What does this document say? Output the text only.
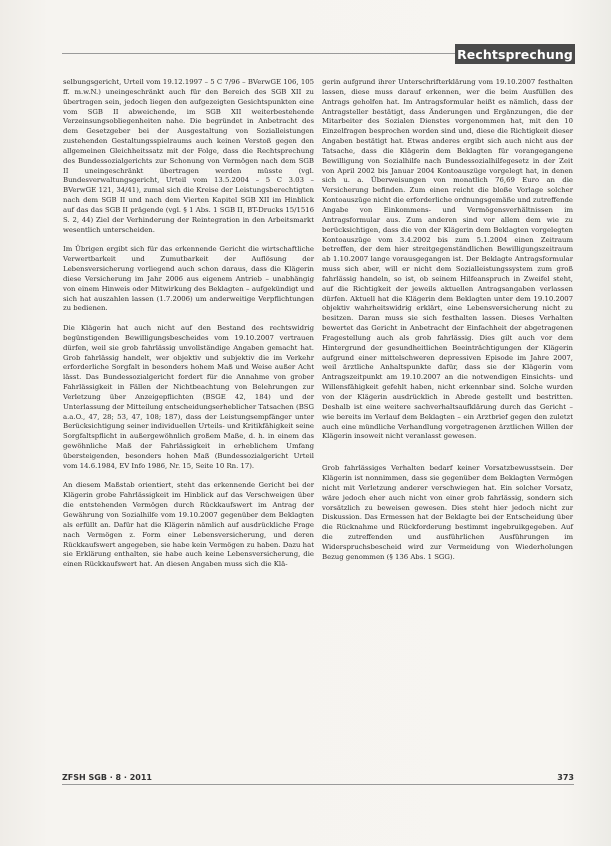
Rechtsprechung

selbungsgericht, Urteil vom 19.12.1997 – 5 C 7/96 – BVerwGE 106, 105 ff. m.w.N.) uneingeschränkt auch für den Bereich des SGB XII zu übertragen sein, jedoch liegen den aufgezeigten Gesichtspunkten eine vom SGB II abweichende, im SGB XII weiterbestehende Verzeinsungsobliegenheiten nahe. Die begründet in Anbetracht des dem Gesetzgeber bei der Ausgestaltung von Sozialleistungen zustehenden Gestaltungsspielraums auch keinen Verstoß gegen den allgemeinen Gleichheitssatz mit der Folge, dass die Rechtsprechung des Bundessozialgerichts zur Schonung von Vermögen nach dem SGB II uneingeschränkt übertragen werden müsste (vgl. Bundesverwaltungsgericht, Urteil vom 13.5.2004 – 5 C 3.03 – BVerwGE 121, 34/41), zumal sich die Kreise der Leistungsberechtigten nach dem SGB II und nach dem Vierten Kapitel SGB XII im Hinblick auf das das SGB II prägende (vgl. § 1 Abs. 1 SGB II, BT-Drucks 15/1516 S. 2, 44) Ziel der Verhinderung der Reintegration in den Arbeitsmarkt wesentlich unterscheiden.

Im Übrigen ergibt sich für das erkennende Gericht die wirtschaftliche Verwertbarkeit und Zumutbarkeit der Auflösung der Lebensversicherung vorliegend auch schon daraus, dass die Klägerin diese Versicherung im Jahr 2006 aus eigenem Antrieb – unabhängig von einem Hinweis oder Mitwirkung des Beklagten – aufgekündigt und sich hat auszahlen lassen (1.7.2006) um anderweitige Verpflichtungen zu bedienen.

Die Klägerin hat auch nicht auf den Bestand des rechtswidrig begünstigenden Bewilligungsbescheides vom 19.10.2007 vertrauen dürfen, weil sie grob fahrlässig unvollständige Angaben gemacht hat. Grob fahrlässig handelt, wer objektiv und subjektiv die im Verkehr erforderliche Sorgfalt in besonders hohem Maß und Weise außer Acht lässt. Das Bundessozialgericht fordert für die Annahme von grober Fahrlässigkeit in Fällen der Nichtbeachtung von Belehrungen zur Verletzung über Anzeigepflichten (BSGE 42, 184) und der Unterlassung der Mitteilung entscheidungserheblicher Tatsachen (BSG a.a.O., 47, 28; 53, 47, 108; 187), dass der Leistungsempfänger unter Berücksichtigung seiner individuellen Urteils- und Kritikfähigkeit seine Sorgfaltspflicht in außergewöhnlich großem Maße, d. h. in einem das gewöhnliche Maß der Fahrlässigkeit in erheblichem Umfang übersteigenden, besonders hohen Maß (Bundessozialgericht Urteil vom 14.6.1984, EV Info 1986, Nr. 15, Seite 10 Rn. 17).

An diesem Maßstab orientiert, steht das erkennende Gericht bei der Klägerin grobe Fahrlässigkeit im Hinblick auf das Verschweigen über die entstehenden Vermögen durch Rückkaufswert im Antrag der Gewährung von Sozialhilfe vom 19.10.2007 gegenüber dem Beklagten als erfüllt an. Dafür hat die Klägerin nämlich auf ausdrückliche Frage nach Vermögen z. Form einer Lebensversicherung, und deren Rückkaufswert angegeben, sie habe kein Vermögen zu haben. Dazu hat sie Erklärung enthalten, sie habe auch keine Lebensversicherung, die einen Rückkaufswert hat. An diesen Angaben muss sich die Klä-

gerin aufgrund ihrer Unterschrifterklärung vom 19.10.2007 festhalten lassen, diese muss darauf erkennen, wer die beim Ausfüllen des Antrags geholfen hat. Im Antragsformular heißt es nämlich, dass der Antragsteller bestätigt, dass Änderungen und Ergänzungen, die der Mitarbeiter des Sozialen Dienstes vorgenommen hat, mit den 10 Einzelfragen besprochen worden sind und, diese die Richtigkeit dieser Angaben bestätigt hat. Etwas anderes ergibt sich auch nicht aus der Tatsache, dass die Klägerin dem Beklagten für vorangegangene Bewilligung von Sozialhilfe nach Bundessozialhilfegesetz in der Zeit von April 2002 bis Januar 2004 Kontoauszüge vorgelegt hat, in denen sich u. a. Überweisungen von monatlich 76,69 Euro an die Versicherung befinden. Zum einen reicht die bloße Vorlage solcher Kontoauszüge nicht die erforderliche ordnungsgemäße und zutreffende Angabe von Einkommens- und Vermögensverhältnissen im Antragsformular aus. Zum anderen sind vor allem dem wie zu berücksichtigen, dass die von der Klägerin dem Beklagten vorgelegten Kontoauszüge vom 3.4.2002 bis zum 5.1.2004 einen Zeitraum betreffen, der dem hier streitgegenständlichen Bewilligungszeitraum ab 1.10.2007 lange vorausgegangen ist. Der Beklagte Antragsformular muss sich aber, will er nicht dem Sozialleistungssystem zum groß fahrlässig handeln, so ist, ob seinem Hilfeanspruch in Zweifel steht, auf die Richtigkeit der jeweils aktuellen Antragsangaben verlassen dürfen. Aktuell hat die Klägerin dem Beklagten unter dem 19.10.2007 objektiv wahrheitswidrig erklärt, eine Lebensversicherung nicht zu besitzen. Daran muss sie sich festhalten lassen. Dieses Verhalten bewertet das Gericht in Anbetracht der Einfachheit der abgetragenen Fragestellung auch als grob fahrlässig. Dies gilt auch vor dem Hintergrund der gesundheitlichen Beeinträchtigungen der Klägerin aufgrund einer mittelschweren depressiven Episode im Jahre 2007, weil ärztliche Anhaltspunkte dafür, dass sie der Klägerin vom Antragszeitpunkt am 19.10.2007 an die notwendigen Einsichts- und Willensfähigkeit gefehlt haben, nicht erkennbar sind. Solche wurden von der Klägerin ausdrücklich in Abrede gestellt und bestritten. Deshalb ist eine weitere sachverhaltsaufklärung durch das Gericht – wie bereits im Verlauf dem Beklagten – ein Arztbrief gegen den zuletzt auch eine mündliche Verhandlung vorgetragenen ärztlichen Willen der Klägerin insoweit nicht veranlasst gewesen.

Grob fahrlässiges Verhalten bedarf keiner Vorsatzbewusstsein. Der Klägerin ist nonnimmen, dass sie gegenüber dem Beklagten Vermögen nicht mit Verletzung anderer verschwiegen hat. Ein solcher Vorsatz, wäre jedoch eher auch nicht von einer grob fahrlässig, sondern sich vorsätzlich zu beweisen gewesen. Dies steht hier jedoch nicht zur Diskussion. Das Ermessen hat der Beklagte bei der Entscheidung über die Rücknahme und Rückforderung bestimmt ingebruikgegeben. Auf die zutreffenden und ausführlichen Ausführungen im Widerspruchsbescheid wird zur Vermeidung von Wiederholungen Bezug genommen (§ 136 Abs. 1 SGG).

ZFSH SGB · 8 · 2011	373
